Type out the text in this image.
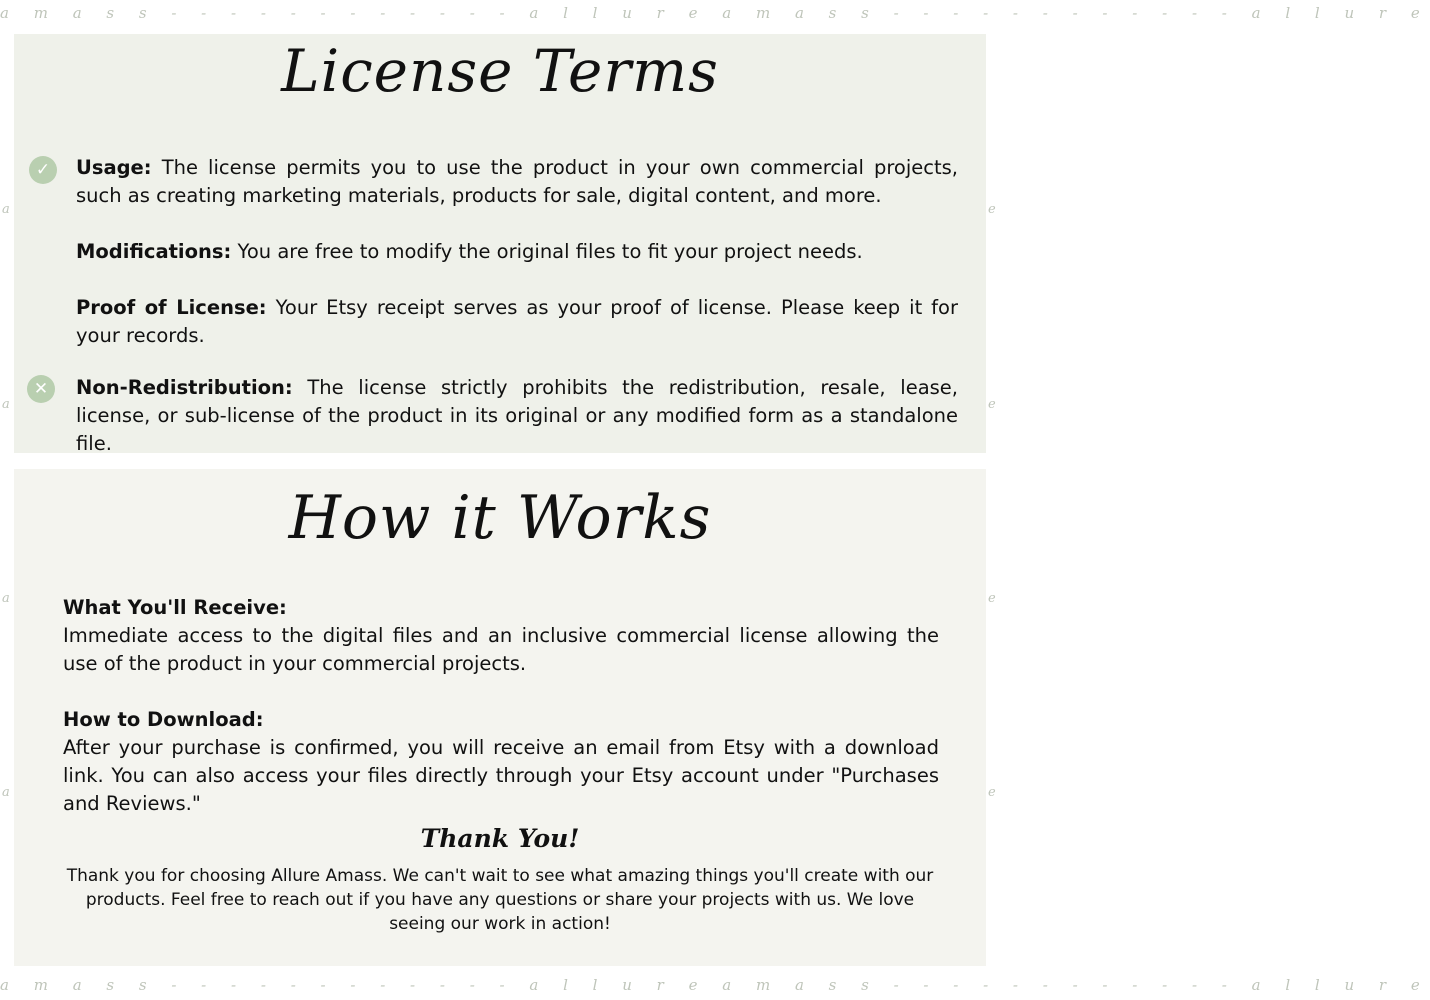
a m a s s - - - - - - - - - - - - a l l u r e a m a s s - - - - - - - - - - - - a l l u r e
a m a s s - - - - - - - - - - - - a l l u r e a m a s s - - - - - - - - - - - - a l l u r e
a
a
a
a
e
e
e
e
License Terms
✓	Usage: The license permits you to use the product in your own commercial projects, such as creating marketing materials, products for sale, digital content, and more.

Modifications: You are free to modify the original files to fit your project needs.

Proof of License: Your Etsy receipt serves as your proof of license. Please keep it for your records.

✕	Non-Redistribution: The license strictly prohibits the redistribution, resale, lease, license, or sub-license of the product in its original or any modified form as a standalone file.

How it Works
What You'll Receive:
Immediate access to the digital files and an inclusive commercial license allowing the use of the product in your commercial projects.
How to Download:
After your purchase is confirmed, you will receive an email from Etsy with a download link. You can also access your files directly through your Etsy account under "Purchases and Reviews."
Thank You!

Thank you for choosing Allure Amass. We can't wait to see what amazing things you'll create with our products. Feel free to reach out if you have any questions or share your projects with us. We love seeing our work in action!
